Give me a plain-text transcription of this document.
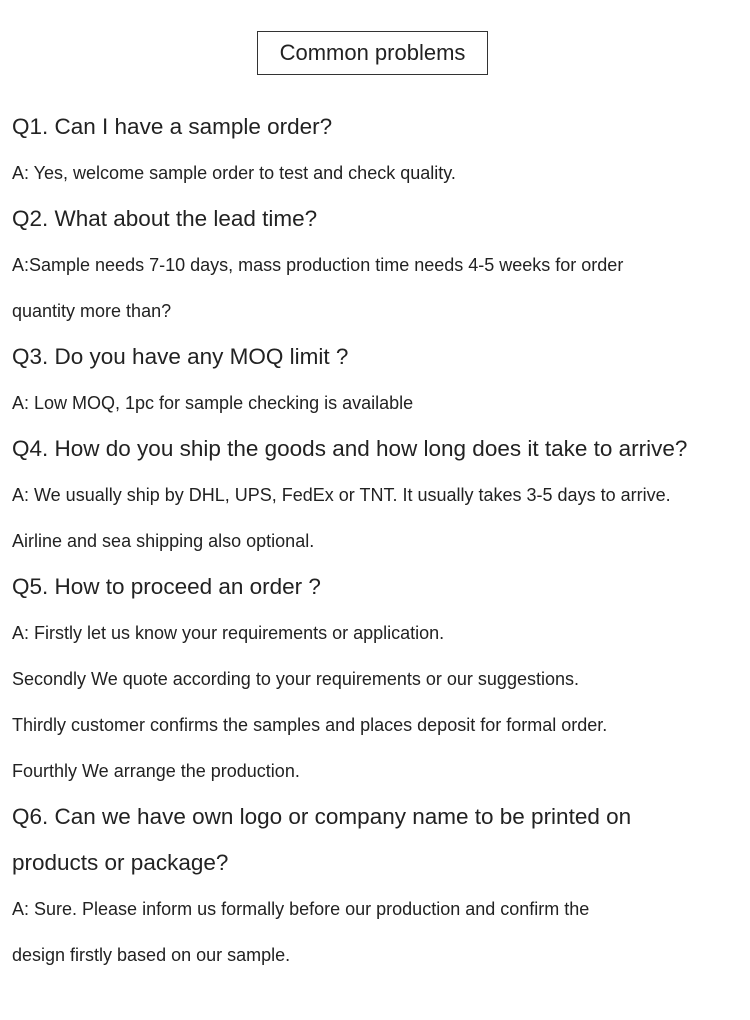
Common problems
Q1. Can I have a sample order?
A: Yes, welcome sample order to test and check quality.
Q2. What about the lead time?
A:Sample needs 7-10 days, mass production time needs 4-5 weeks for order
quantity more than?
Q3. Do you have any MOQ limit ?
A: Low MOQ, 1pc for sample checking is available
Q4. How do you ship the goods and how long does it take to arrive?
A: We usually ship by DHL, UPS, FedEx or TNT. It usually takes 3-5 days to arrive.
Airline and sea shipping also optional.
Q5. How to proceed an order ?
A: Firstly let us know your requirements or application.
Secondly We quote according to your requirements or our suggestions.
Thirdly customer confirms the samples and places deposit for formal order.
Fourthly We arrange the production.
Q6. Can we have own logo or company name to be printed on
products or package?
A: Sure. Please inform us formally before our production and confirm the
design firstly based on our sample.
